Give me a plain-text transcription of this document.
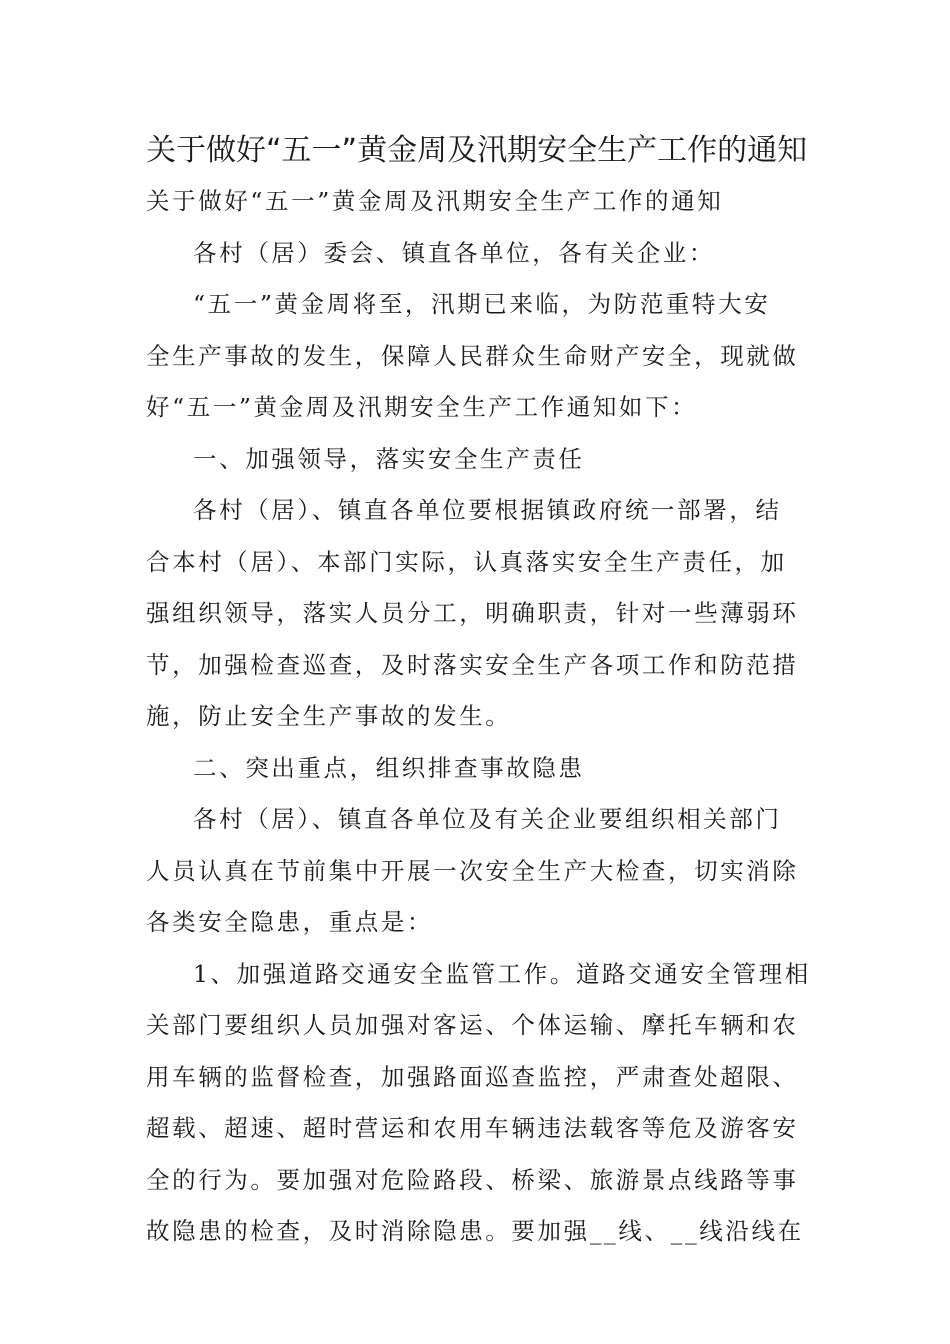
关于做好“五一”黄金周及汛期安全生产工作的通知

关于做好“五一”黄金周及汛期安全生产工作的通知

各村（居）委会、镇直各单位，各有关企业：

“五一”黄金周将至，汛期已来临，为防范重特大安
全生产事故的发生，保障人民群众生命财产安全，现就做
好“五一”黄金周及汛期安全生产工作通知如下：

一、加强领导，落实安全生产责任

各村（居）、镇直各单位要根据镇政府统一部署，结
合本村（居）、本部门实际，认真落实安全生产责任，加
强组织领导，落实人员分工，明确职责，针对一些薄弱环
节，加强检查巡查，及时落实安全生产各项工作和防范措
施，防止安全生产事故的发生。

二、突出重点，组织排查事故隐患

各村（居）、镇直各单位及有关企业要组织相关部门
人员认真在节前集中开展一次安全生产大检查，切实消除
各类安全隐患，重点是：

1、加强道路交通安全监管工作。道路交通安全管理相
关部门要组织人员加强对客运、个体运输、摩托车辆和农
用车辆的监督检查，加强路面巡查监控，严肃查处超限、
超载、超速、超时营运和农用车辆违法载客等危及游客安
全的行为。要加强对危险路段、桥梁、旅游景点线路等事
故隐患的检查，及时消除隐患。要加强__线、__线沿线在
